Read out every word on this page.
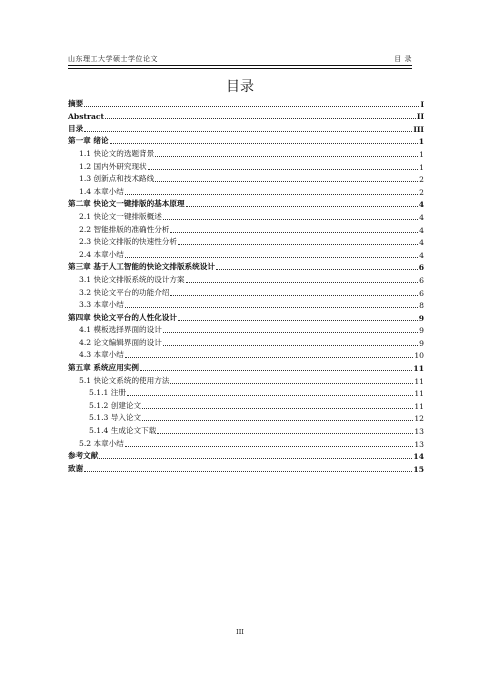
山东理工大学硕士学位论文	目 录
目录
摘要	I
Abstract	II
目录	III
第一章 绪论	1
1.1 快论文的选题背景	1
1.2 国内外研究现状	1
1.3 创新点和技术路线	2
1.4 本章小结	2
第二章 快论文一键排版的基本原理	4
2.1 快论文一键排版概述	4
2.2 智能排版的准确性分析	4
2.3 快论文排版的快速性分析	4
2.4 本章小结	4
第三章 基于人工智能的快论文排版系统设计	6
3.1 快论文排版系统的设计方案	6
3.2 快论文平台的功能介绍	6
3.3 本章小结	8
第四章 快论文平台的人性化设计	9
4.1 模板选择界面的设计	9
4.2 论文编辑界面的设计	9
4.3 本章小结	10
第五章 系统应用实例	11
5.1 快论文系统的使用方法	11
5.1.1 注册	11
5.1.2 创建论文	11
5.1.3 导入论文	12
5.1.4 生成论文下载	13
5.2 本章小结	13
参考文献	14
致谢	15
III
